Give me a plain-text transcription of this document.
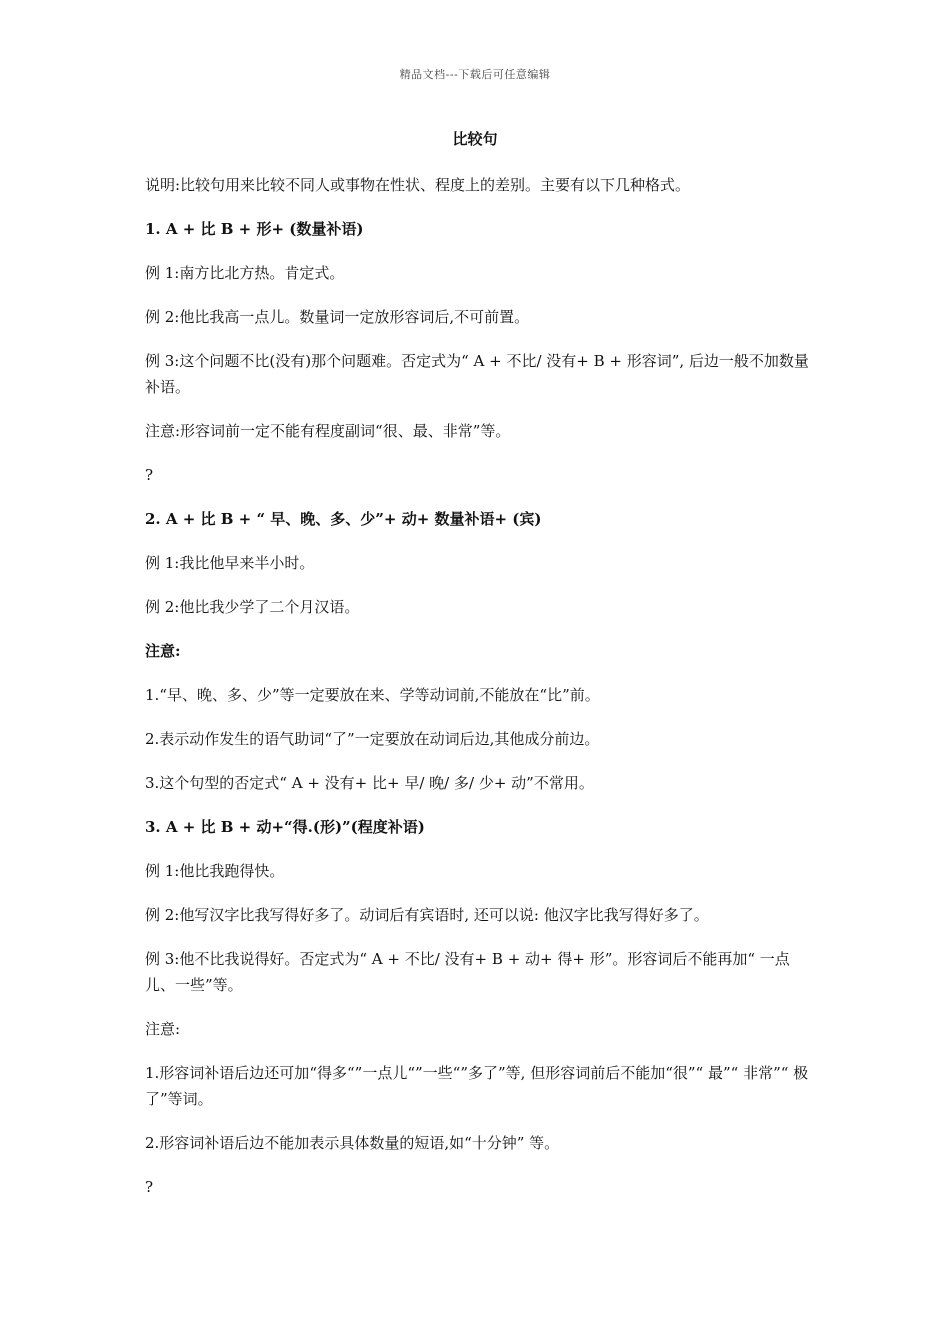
精品文档---下载后可任意编辑
比较句

说明:比较句用来比较不同人或事物在性状、程度上的差别。主要有以下几种格式。

1. A + 比 B + 形+ (数量补语)

例 1:南方比北方热。肯定式。

例 2:他比我高一点儿。数量词一定放形容词后,不可前置。

例 3:这个问题不比(没有)那个问题难。否定式为“ A + 不比/ 没有+ B + 形容词”, 后边一般不加数量补语。

注意:形容词前一定不能有程度副词“很、最、非常”等。

?

2. A + 比 B + “ 早、晚、多、少”+ 动+ 数量补语+ (宾)

例 1:我比他早来半小时。

例 2:他比我少学了二个月汉语。

注意:

1.“早、晚、多、少”等一定要放在来、学等动词前,不能放在“比”前。

2.表示动作发生的语气助词“了”一定要放在动词后边,其他成分前边。

3.这个句型的否定式“ A + 没有+ 比+ 早/ 晚/ 多/ 少+ 动”不常用。

3. A + 比 B + 动+“得.(形)”(程度补语)

例 1:他比我跑得快。

例 2:他写汉字比我写得好多了。动词后有宾语时, 还可以说: 他汉字比我写得好多了。

例 3:他不比我说得好。否定式为“ A + 不比/ 没有+ B + 动+ 得+ 形”。形容词后不能再加“ 一点儿、一些”等。

注意:

1.形容词补语后边还可加“得多“”一点儿“”一些“”多了”等, 但形容词前后不能加“很”“ 最”“ 非常”“ 极了”等词。

2.形容词补语后边不能加表示具体数量的短语,如“十分钟” 等。

?
